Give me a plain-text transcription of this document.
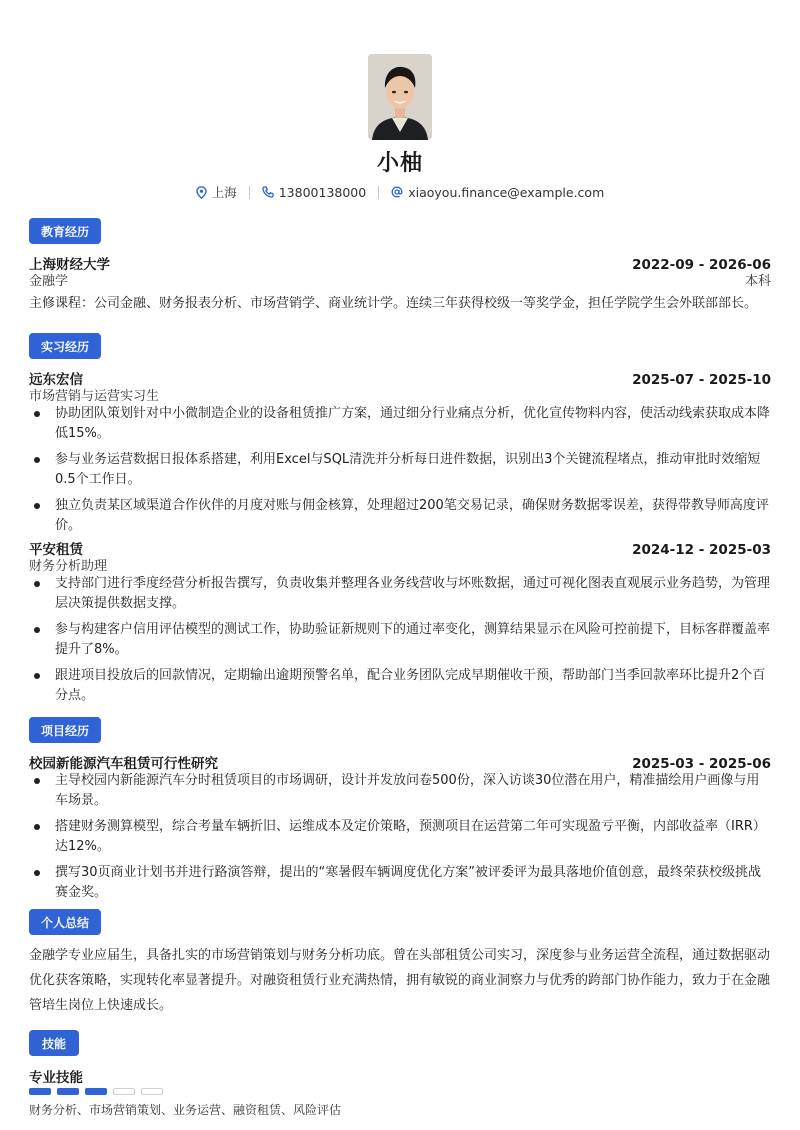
小柚
上海	13800138000	xiaoyou.finance@example.com
教育经历
上海财经大学	2022-09 - 2026-06
金融学	本科
主修课程：公司金融、财务报表分析、市场营销学、商业统计学。连续三年获得校级一等奖学金，担任学院学生会外联部部长。
实习经历
远东宏信	2025-07 - 2025-10
市场营销与运营实习生
协助团队策划针对中小微制造企业的设备租赁推广方案，通过细分行业痛点分析，优化宣传物料内容，使活动线索获取成本降低15%。
参与业务运营数据日报体系搭建，利用Excel与SQL清洗并分析每日进件数据，识别出3个关键流程堵点，推动审批时效缩短0.5个工作日。
独立负责某区域渠道合作伙伴的月度对账与佣金核算，处理超过200笔交易记录，确保财务数据零误差，获得带教导师高度评价。
平安租赁	2024-12 - 2025-03
财务分析助理
支持部门进行季度经营分析报告撰写，负责收集并整理各业务线营收与坏账数据，通过可视化图表直观展示业务趋势，为管理层决策提供数据支撑。
参与构建客户信用评估模型的测试工作，协助验证新规则下的通过率变化，测算结果显示在风险可控前提下，目标客群覆盖率提升了8%。
跟进项目投放后的回款情况，定期输出逾期预警名单，配合业务团队完成早期催收干预，帮助部门当季回款率环比提升2个百分点。
项目经历
校园新能源汽车租赁可行性研究	2025-03 - 2025-06
主导校园内新能源汽车分时租赁项目的市场调研，设计并发放问卷500份，深入访谈30位潜在用户，精准描绘用户画像与用车场景。
搭建财务测算模型，综合考量车辆折旧、运维成本及定价策略，预测项目在运营第二年可实现盈亏平衡，内部收益率（IRR）达12%。
撰写30页商业计划书并进行路演答辩，提出的“寒暑假车辆调度优化方案”被评委评为最具落地价值创意，最终荣获校级挑战赛金奖。
个人总结
金融学专业应届生，具备扎实的市场营销策划与财务分析功底。曾在头部租赁公司实习，深度参与业务运营全流程，通过数据驱动优化获客策略，实现转化率显著提升。对融资租赁行业充满热情，拥有敏锐的商业洞察力与优秀的跨部门协作能力，致力于在金融管培生岗位上快速成长。
技能
专业技能
财务分析、市场营销策划、业务运营、融资租赁、风险评估
